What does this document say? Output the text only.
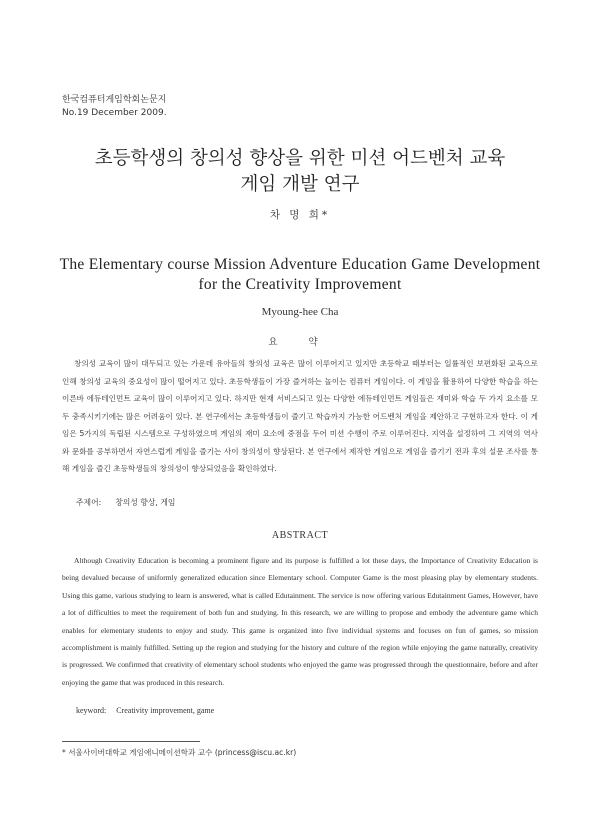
한국컴퓨터게임학회논문지
No.19 December 2009.
초등학생의 창의성 향상을 위한 미션 어드벤처 교육
게임 개발 연구
차 명 희*
The Elementary course Mission Adventure Education Game Development
for the Creativity Improvement
Myoung-hee Cha
요 약

창의성 교육이 많이 대두되고 있는 가운데 유아들의 창의성 교육은 많이 이루어지고 있지만 초등학교 때부터는 일률적인 보편화된 교육으로 인해 창의성 교육의 중요성이 많이 떨어지고 있다. 초등학생들이 가장 즐겨하는 놀이는 컴퓨터 게임이다. 이 게임을 활용하여 다양한 학습을 하는 이른바 에듀테인먼트 교육이 많이 이루어지고 있다. 하지만 현재 서비스되고 있는 다양한 에듀테인먼트 게임들은 재미와 학습 두 가지 요소를 모두 충족시키기에는 많은 어려움이 있다. 본 연구에서는 초등학생들이 즐기고 학습까지 가능한 어드벤처 게임을 제안하고 구현하고자 한다. 이 게임은 5가지의 독립된 시스템으로 구성하였으며 게임의 재미 요소에 중점을 두어 미션 수행이 주로 이루어진다. 지역을 설정하여 그 지역의 역사와 문화를 공부하면서 자연스럽게 게임을 즐기는 사이 창의성이 향상된다. 본 연구에서 제작한 게임으로 게임을 즐기기 전과 후의 설문 조사를 통해 게임을 즐긴 초등학생들의 창의성이 향상되었음을 확인하였다.

주제어: 창의성 향상, 게임
ABSTRACT

Although Creativity Education is becoming a prominent figure and its purpose is fulfilled a lot these days, the Importance of Creativity Education is being devalued because of uniformly generalized education since Elementary school. Computer Game is the most pleasing play by elementary students. Using this game, various studying to learn is answered, what is called Edutainment. The service is now offering various Edutainment Games, However, have a lot of difficulties to meet the requirement of both fun and studying. In this research, we are willing to propose and embody the adventure game which enables for elementary students to enjoy and study. This game is organized into five individual systems and focuses on fun of games, so mission accomplishment is mainly fulfilled. Setting up the region and studying for the history and culture of the region while enjoying the game naturally, creativity is progressed. We confirmed that creativity of elementary school students who enjoyed the game was progressed through the questionnaire, before and after enjoying the game that was produced in this research.

keyword: Creativity improvement, game
* 서울사이버대학교 게임애니메이션학과 교수 (princess@iscu.ac.kr)
